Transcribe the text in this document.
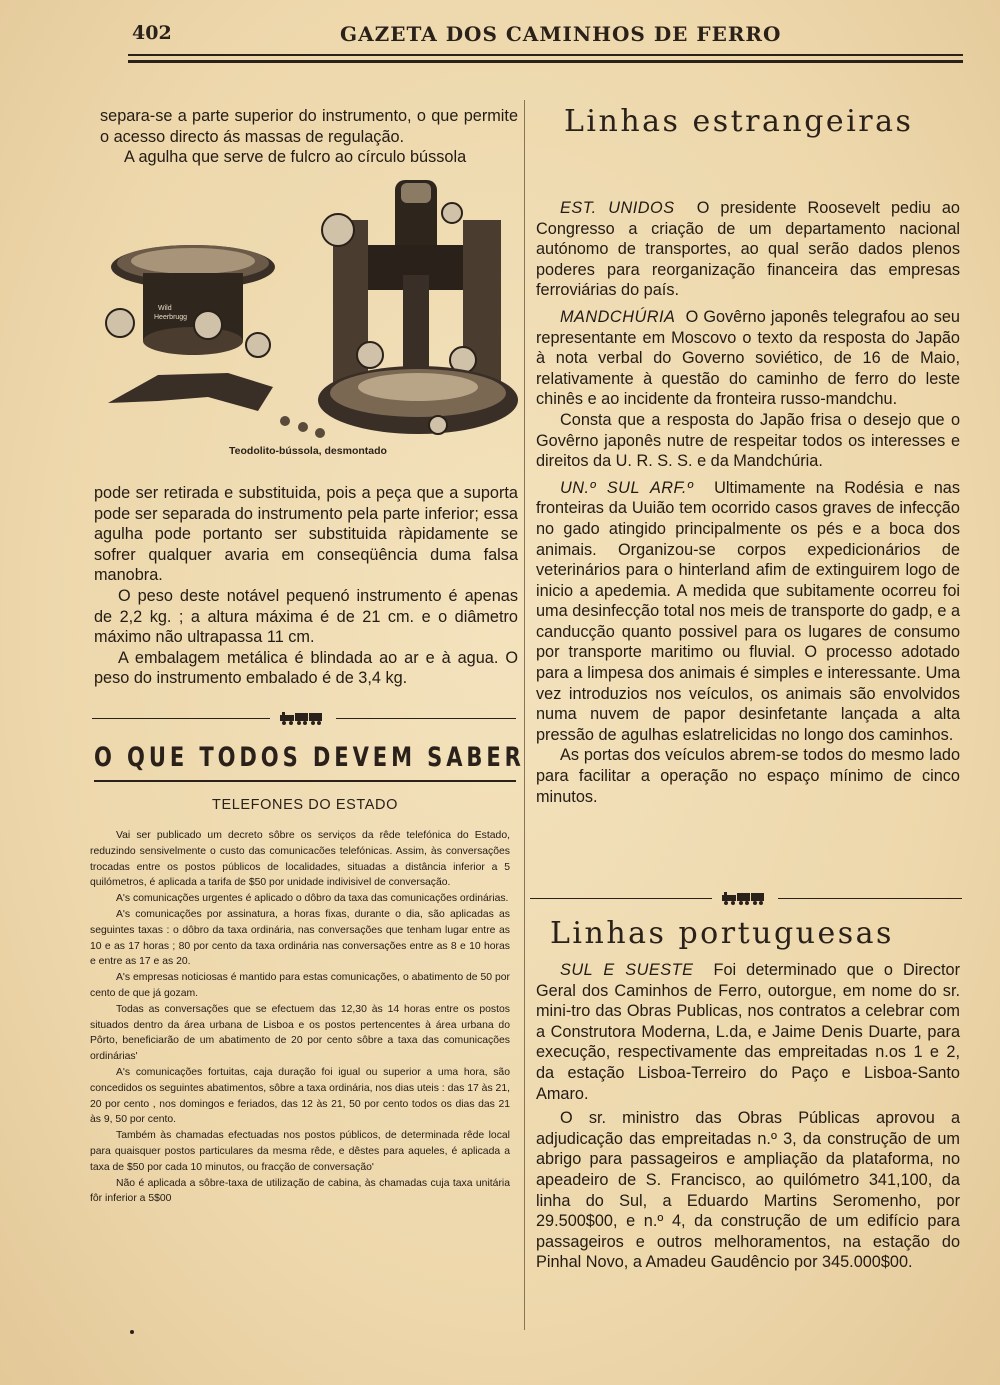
402	GAZETA DOS CAMINHOS DE FERRO

separa-se a parte superior do instrumento, o que permite o acesso directo ás massas de regulação.

A agulha que serve de fulcro ao círculo bússola

Wild
Heerbrugg
Teodolito-bússola, desmontado

pode ser retirada e substituida, pois a peça que a suporta pode ser separada do instrumento pela parte inferior; essa agulha pode portanto ser substituida ràpidamente se sofrer qualquer avaria em conseqüência duma falsa manobra.

O peso deste notável pequenó instrumento é apenas de 2,2 kg. ; a altura máxima é de 21 cm. e o diâmetro máximo não ultrapassa 11 cm.

A embalagem metálica é blindada ao ar e à agua. O peso do instrumento embalado é de 3,4 kg.

O QUE TODOS DEVEM SABER
TELEFONES DO ESTADO

Vai ser publicado um decreto sôbre os serviços da rêde telefónica do Estado, reduzindo sensivelmente o custo das comunicacões telefónicas. Assim, às conversações trocadas entre os postos públicos de localidades, situadas a distância inferior a 5 quilómetros, é aplicada a tarifa de $50 por unidade indivisivel de conversação.

A's comunicações urgentes é aplicado o dôbro da taxa das comunicações ordinárias.

A's comunicações por assinatura, a horas fixas, durante o dia, são aplicadas as seguintes taxas : o dôbro da taxa ordinária, nas conversações que tenham lugar entre as 10 e as 17 horas ; 80 por cento da taxa ordinária nas conversações entre as 8 e 10 horas e entre as 17 e as 20.

A's empresas noticiosas é mantido para estas comunicações, o abatimento de 50 por cento de que já gozam.

Todas as conversações que se efectuem das 12,30 às 14 horas entre os postos situados dentro da área urbana de Lisboa e os postos pertencentes à área urbana do Pôrto, beneficiarão de um abatimento de 20 por cento sôbre a taxa das comunicações ordinárias'

A's comunicações fortuitas, caja duração foi igual ou superior a uma hora, são concedidos os seguintes abatimentos, sôbre a taxa ordinária, nos dias uteis : das 17 às 21, 20 por cento , nos domingos e feriados, das 12 às 21, 50 por cento todos os dias das 21 às 9, 50 por cento.

Também às chamadas efectuadas nos postos públicos, de determinada rêde local para quaisquer postos particulares da mesma rêde, e dêstes para aqueles, é aplicada a taxa de $50 por cada 10 minutos, ou fracção de conversação'

Não é aplicada a sôbre-taxa de utilização de cabina, às chamadas cuja taxa unitária fôr inferior a 5$00

Linhas estrangeiras

EST. UNIDOS O presidente Roosevelt pediu ao Congresso a criação de um departamento nacional autónomo de transportes, ao qual serão dados plenos poderes para reorganização financeira das empresas ferroviárias do país.

MANDCHÚRIA O Govêrno japonês telegrafou ao seu representante em Moscovo o texto da resposta do Japão à nota verbal do Governo soviético, de 16 de Maio, relativamente à questão do caminho de ferro do leste chinês e ao incidente da fronteira russo-mandchu.

Consta que a resposta do Japão frisa o desejo que o Govêrno japonês nutre de respeitar todos os interesses e direitos da U. R. S. S. e da Mandchúria.

UN.º SUL ARF.º Ultimamente na Rodésia e nas fronteiras da Uuião tem ocorrido casos graves de infecção no gado atingido principalmente os pés e a boca dos animais. Organizou-se corpos expedicionários de veterinários para o hinterland afim de extinguirem logo de inicio a apedemia. A medida que subitamente ocorreu foi uma desinfecção total nos meis de transporte do gadp, e a canducção quanto possivel para os lugares de consumo por transporte maritimo ou fluvial. O processo adotado para a limpesa dos animais é simples e interessante. Uma vez introduzios nos veículos, os animais são envolvidos numa nuvem de papor desinfetante lançada a alta pressão de agulhas eslatrelicidas no longo dos caminhos.

As portas dos veículos abrem-se todos do mesmo lado para facilitar a operação no espaço mínimo de cinco minutos.

Linhas portuguesas

SUL E SUESTE Foi determinado que o Director Geral dos Caminhos de Ferro, outorgue, em nome do sr. mini-tro das Obras Publicas, nos contratos a celebrar com a Construtora Moderna, L.da, e Jaime Denis Duarte, para execução, respectivamente das empreitadas n.os 1 e 2, da estação Lisboa-Terreiro do Paço e Lisboa-Santo Amaro.

O sr. ministro das Obras Públicas aprovou a adjudicação das empreitadas n.º 3, da construção de um abrigo para passageiros e ampliação da plataforma, no apeadeiro de S. Francisco, ao quilómetro 341,100, da linha do Sul, a Eduardo Martins Seromenho, por 29.500$00, e n.º 4, da construção de um edifício para passageiros e outros melhoramentos, na estação do Pinhal Novo, a Amadeu Gaudêncio por 345.000$00.
